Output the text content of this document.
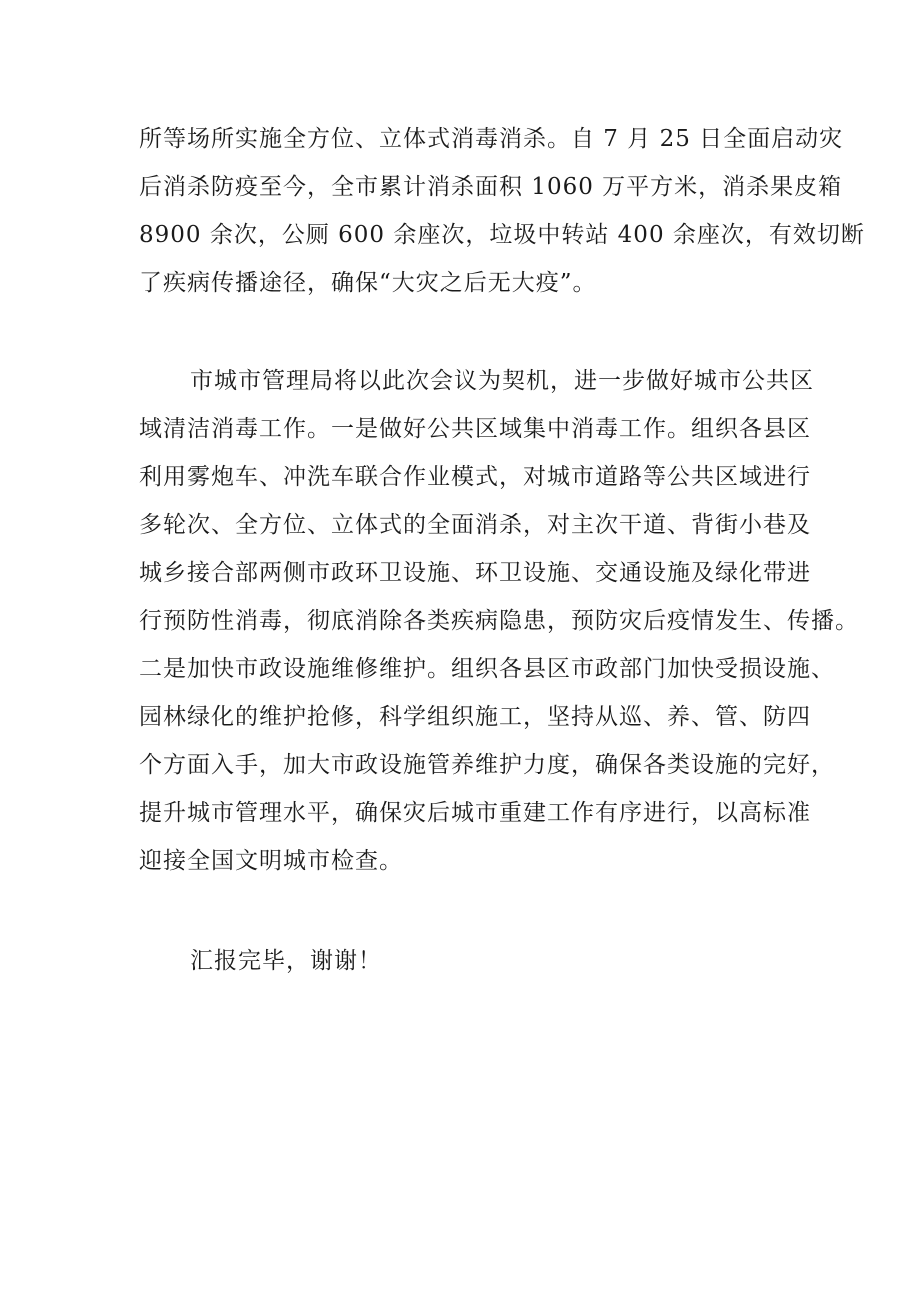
所等场所实施全方位、立体式消毒消杀。自 7 月 25 日全面启动灾

后消杀防疫至今，全市累计消杀面积 1060 万平方米，消杀果皮箱

8900 余次，公厕 600 余座次，垃圾中转站 400 余座次，有效切断

了疾病传播途径，确保“大灾之后无大疫”。

市城市管理局将以此次会议为契机，进一步做好城市公共区

域清洁消毒工作。一是做好公共区域集中消毒工作。组织各县区

利用雾炮车、冲洗车联合作业模式，对城市道路等公共区域进行

多轮次、全方位、立体式的全面消杀，对主次干道、背街小巷及

城乡接合部两侧市政环卫设施、环卫设施、交通设施及绿化带进

行预防性消毒，彻底消除各类疾病隐患，预防灾后疫情发生、传播。

二是加快市政设施维修维护。组织各县区市政部门加快受损设施、

园林绿化的维护抢修，科学组织施工，坚持从巡、养、管、防四

个方面入手，加大市政设施管养维护力度，确保各类设施的完好，

提升城市管理水平，确保灾后城市重建工作有序进行，以高标准

迎接全国文明城市检查。

汇报完毕，谢谢！
